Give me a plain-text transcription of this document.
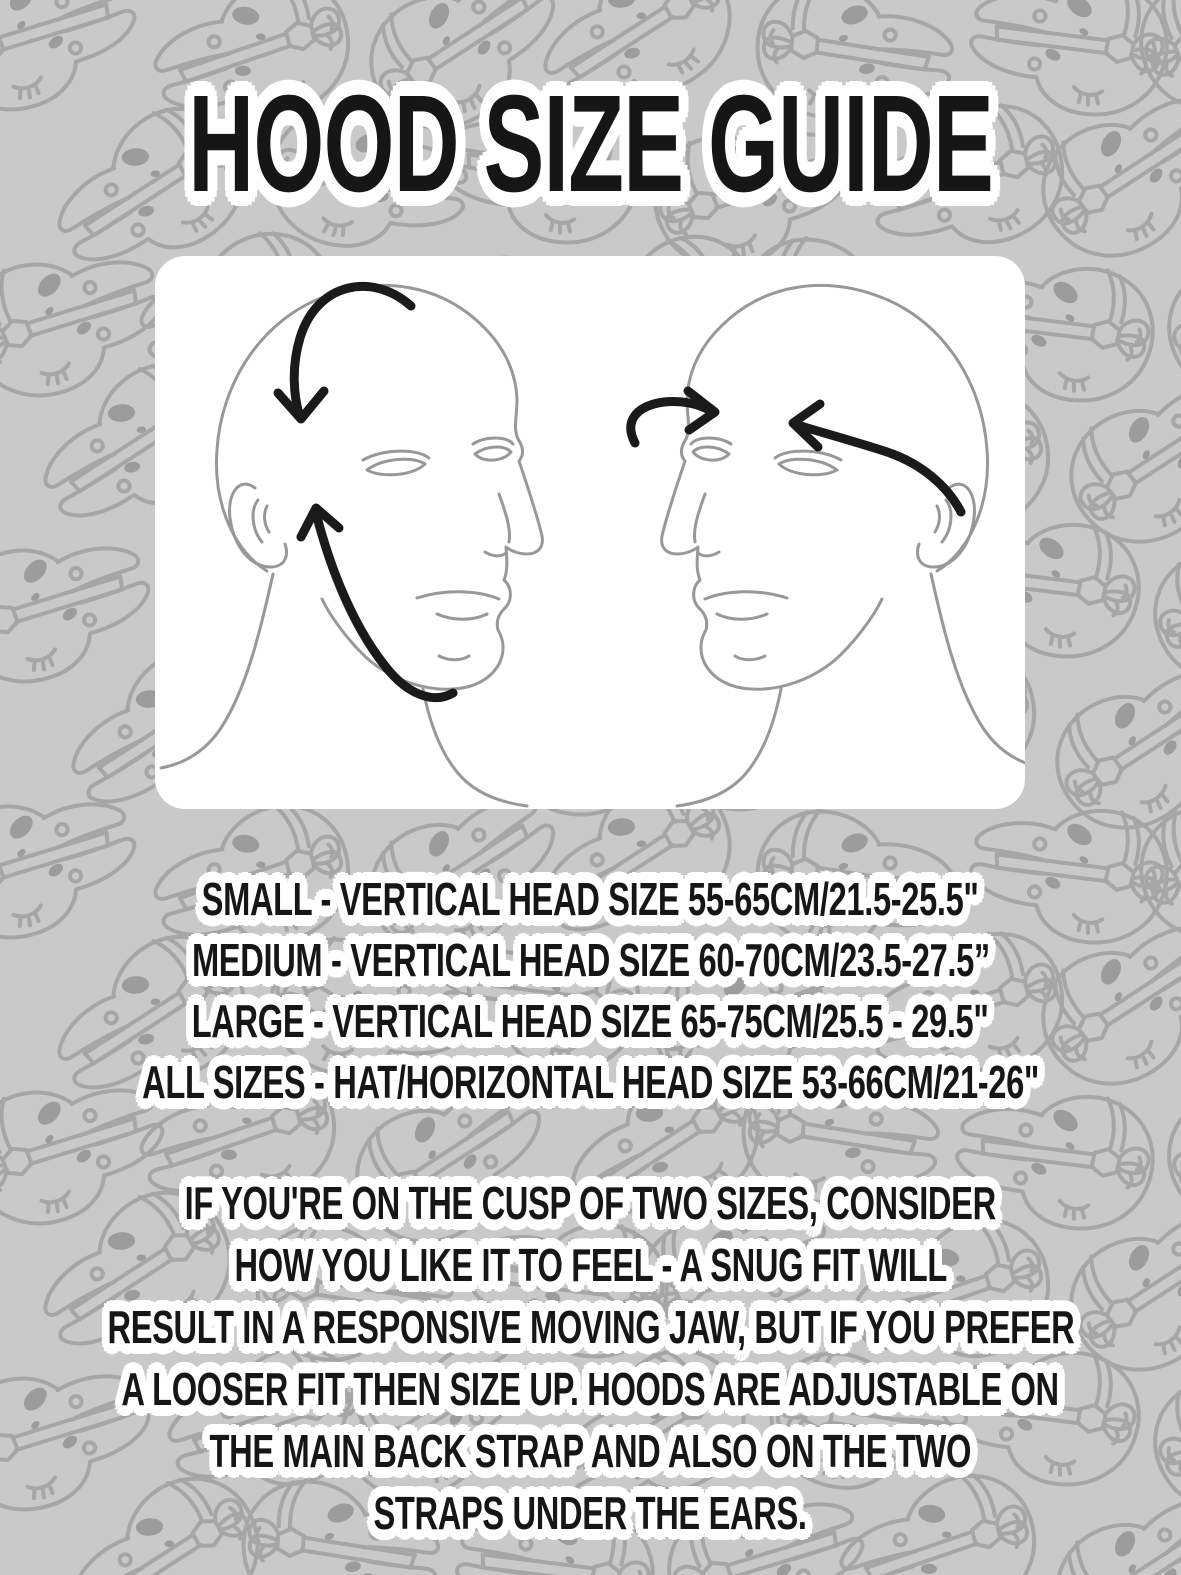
HOOD SIZE GUIDE
SMALL - VERTICAL HEAD SIZE 55-65CM/21.5-25.5"
MEDIUM - VERTICAL HEAD SIZE 60-70CM/23.5-27.5”
LARGE - VERTICAL HEAD SIZE 65-75CM/25.5 - 29.5"
ALL SIZES - HAT/HORIZONTAL HEAD SIZE 53-66CM/21-26"
IF YOU'RE ON THE CUSP OF TWO SIZES, CONSIDER
HOW YOU LIKE IT TO FEEL - A SNUG FIT WILL
RESULT IN A RESPONSIVE MOVING JAW, BUT IF YOU PREFER
A LOOSER FIT THEN SIZE UP. HOODS ARE ADJUSTABLE ON
THE MAIN BACK STRAP AND ALSO ON THE TWO
STRAPS UNDER THE EARS.
